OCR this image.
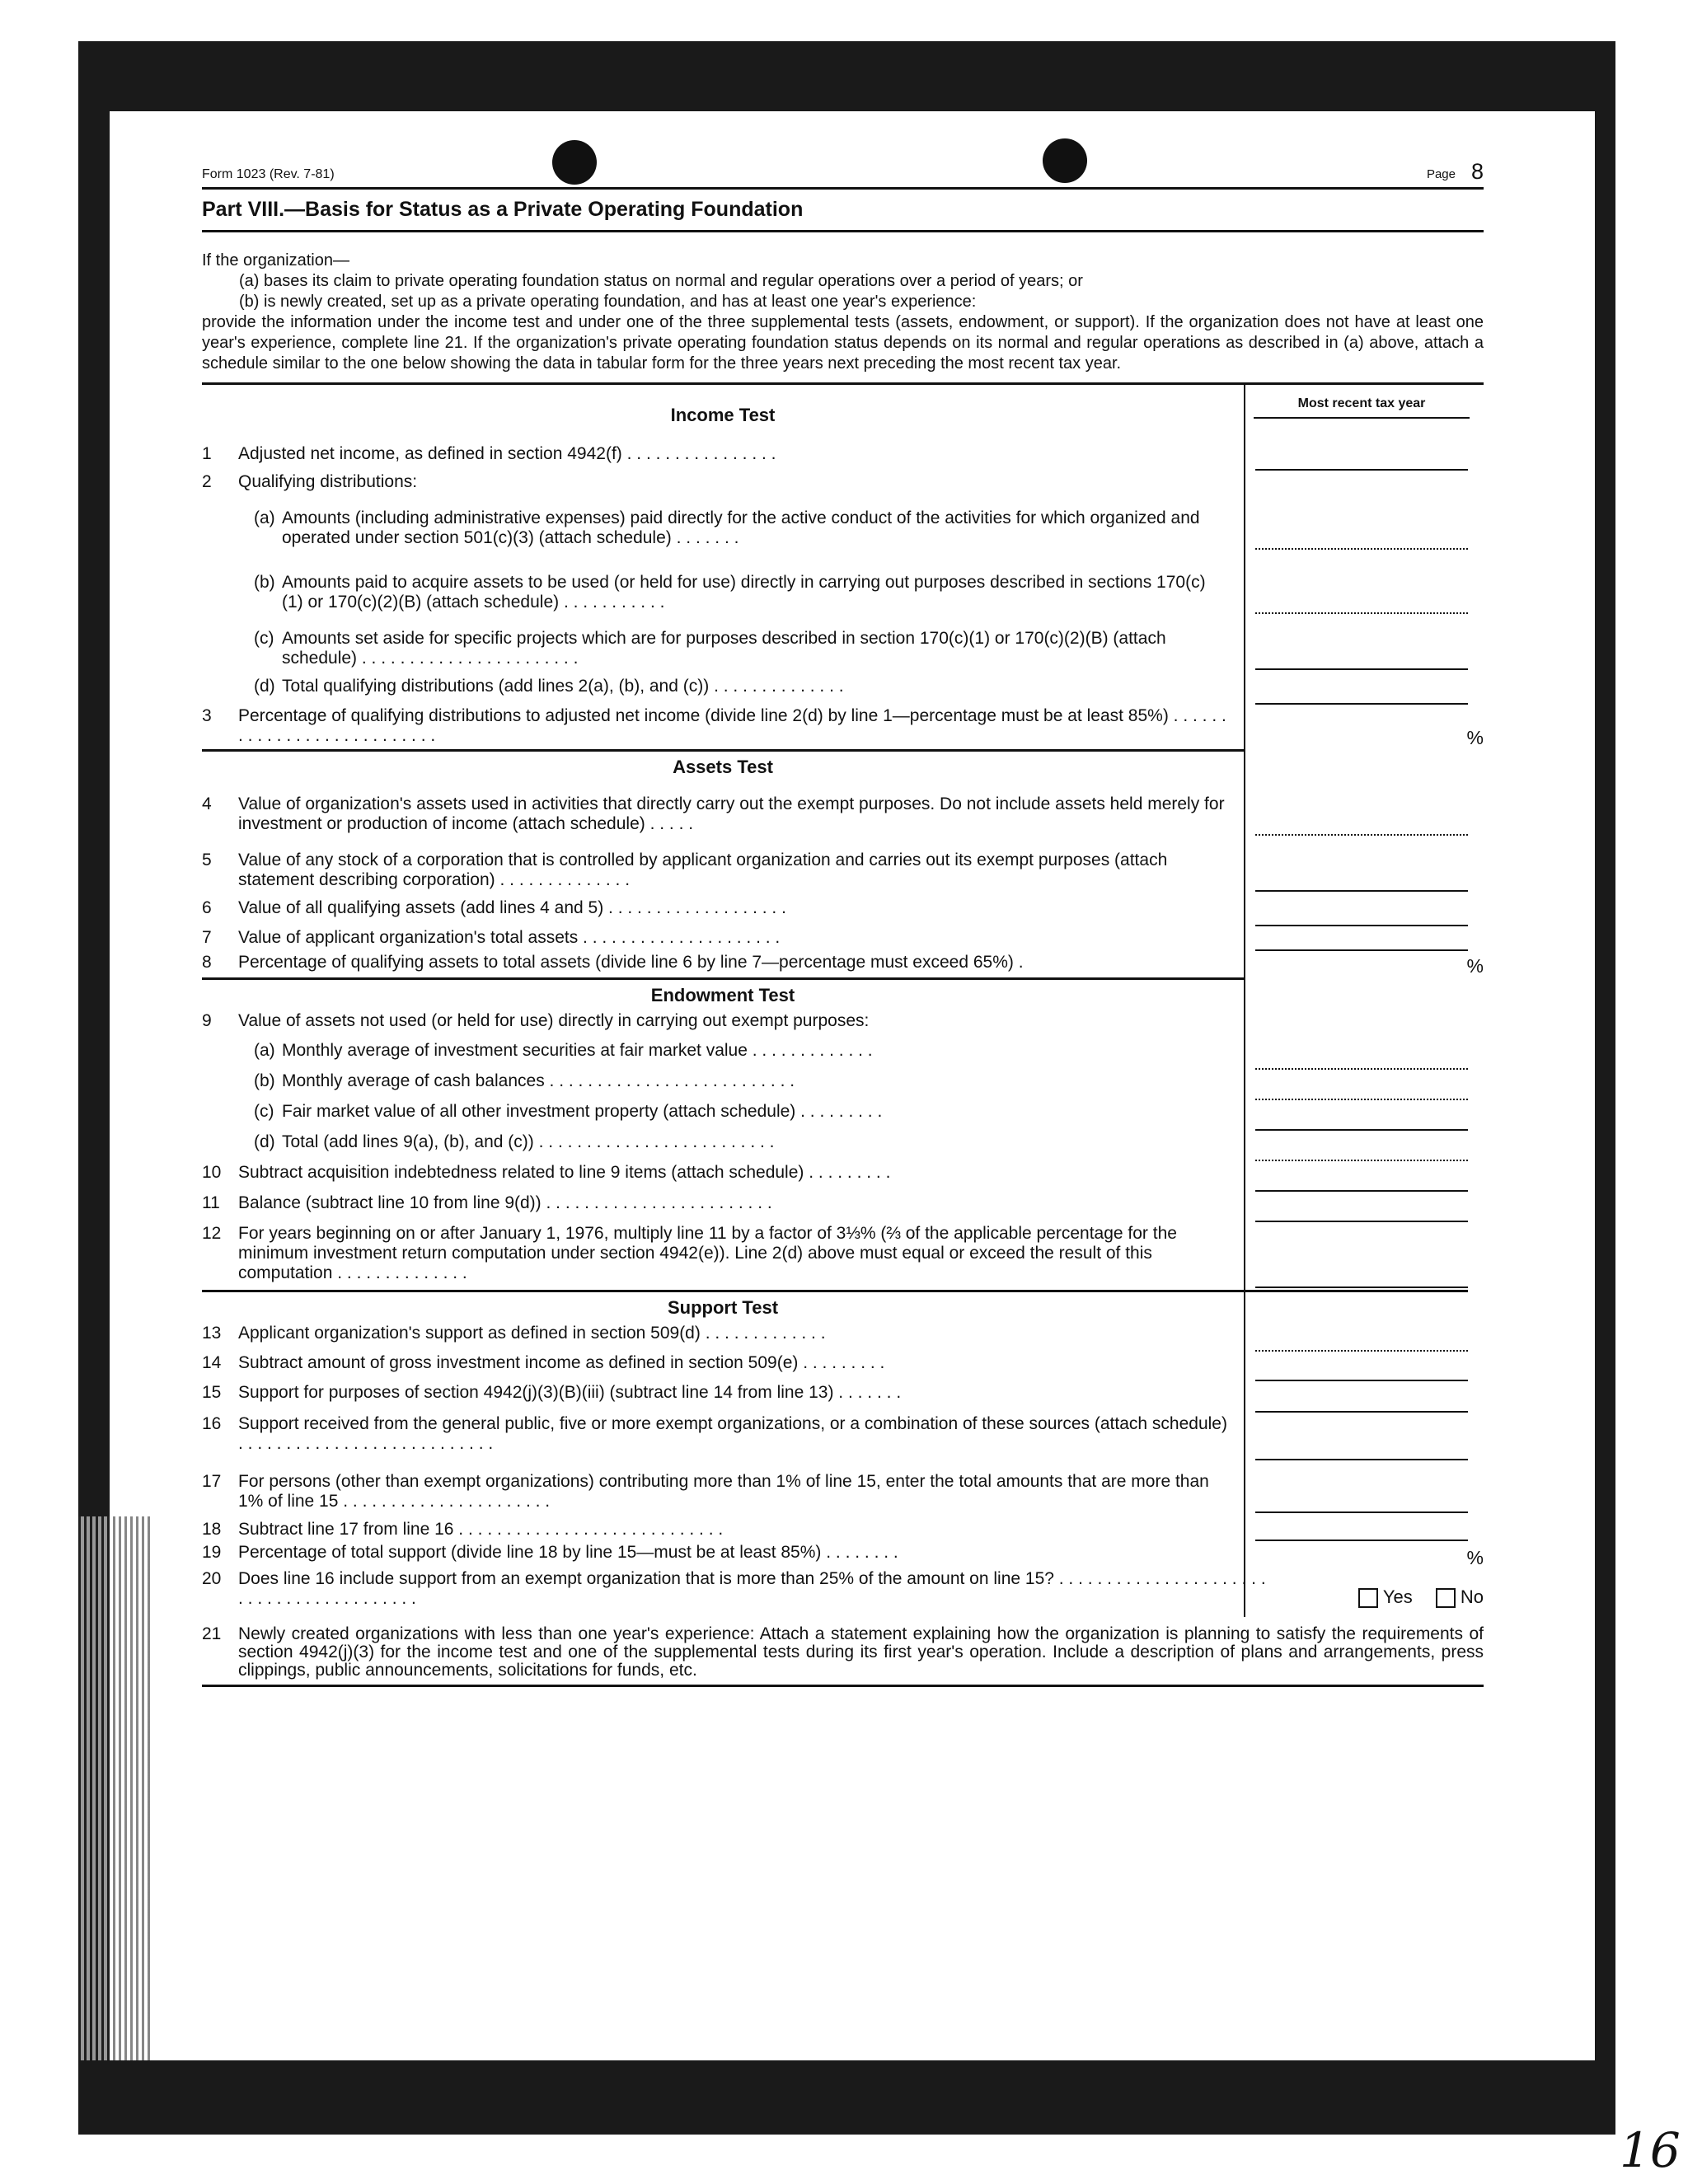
Form 1023 (Rev. 7-81)	Page 8
Part VIII.—Basis for Status as a Private Operating Foundation
If the organization—
(a) bases its claim to private operating foundation status on normal and regular operations over a period of years; or
(b) is newly created, set up as a private operating foundation, and has at least one year's experience:
provide the information under the income test and under one of the three supplemental tests (assets, endowment, or support). If the organization does not have at least one year's experience, complete line 21. If the organization's private operating foundation status depends on its normal and regular operations as described in (a) above, attach a schedule similar to the one below showing the data in tabular form for the three years next preceding the most recent tax year.
Most recent tax year
Income Test
1 Adjusted net income, as defined in section 4942(f) . . . . . . . . . . . . . . . .
2 Qualifying distributions:
(a) Amounts (including administrative expenses) paid directly for the active conduct of the activities for which organized and operated under section 501(c)(3) (attach schedule) . . . . . . .
(b) Amounts paid to acquire assets to be used (or held for use) directly in carrying out purposes described in sections 170(c)(1) or 170(c)(2)(B) (attach schedule) . . . . . . . . . . .
(c) Amounts set aside for specific projects which are for purposes described in section 170(c)(1) or 170(c)(2)(B) (attach schedule) . . . . . . . . . . . . . . . . . . . . . . .
(d) Total qualifying distributions (add lines 2(a), (b), and (c)) . . . . . . . . . . . . . .
3 Percentage of qualifying distributions to adjusted net income (divide line 2(d) by line 1—percentage must be at least 85%) . . . . . . . . . . . . . . . . . . . . . . . . . . .	%
Assets Test
4 Value of organization's assets used in activities that directly carry out the exempt purposes. Do not include assets held merely for investment or production of income (attach schedule) . . . . .
5 Value of any stock of a corporation that is controlled by applicant organization and carries out its exempt purposes (attach statement describing corporation) . . . . . . . . . . . . . .
6 Value of all qualifying assets (add lines 4 and 5) . . . . . . . . . . . . . . . . . . .
7 Value of applicant organization's total assets . . . . . . . . . . . . . . . . . . . . .
8 Percentage of qualifying assets to total assets (divide line 6 by line 7—percentage must exceed 65%) .	%
Endowment Test
9 Value of assets not used (or held for use) directly in carrying out exempt purposes:
(a) Monthly average of investment securities at fair market value . . . . . . . . . . . . .
(b) Monthly average of cash balances . . . . . . . . . . . . . . . . . . . . . . . . . .
(c) Fair market value of all other investment property (attach schedule) . . . . . . . . .
(d) Total (add lines 9(a), (b), and (c)) . . . . . . . . . . . . . . . . . . . . . . . . .
10 Subtract acquisition indebtedness related to line 9 items (attach schedule) . . . . . . . . .
11 Balance (subtract line 10 from line 9(d)) . . . . . . . . . . . . . . . . . . . . . . . .
12 For years beginning on or after January 1, 1976, multiply line 11 by a factor of 3⅓% (⅔ of the applicable percentage for the minimum investment return computation under section 4942(e)). Line 2(d) above must equal or exceed the result of this computation . . . . . . . . . . . . . .
Support Test
13 Applicant organization's support as defined in section 509(d) . . . . . . . . . . . . .
14 Subtract amount of gross investment income as defined in section 509(e) . . . . . . . . .
15 Support for purposes of section 4942(j)(3)(B)(iii) (subtract line 14 from line 13) . . . . . . .
16 Support received from the general public, five or more exempt organizations, or a combination of these sources (attach schedule) . . . . . . . . . . . . . . . . . . . . . . . . . . .
17 For persons (other than exempt organizations) contributing more than 1% of line 15, enter the total amounts that are more than 1% of line 15 . . . . . . . . . . . . . . . . . . . . . .
18 Subtract line 17 from line 16 . . . . . . . . . . . . . . . . . . . . . . . . . . . .
19 Percentage of total support (divide line 18 by line 15—must be at least 85%) . . . . . . . .	%
20 Does line 16 include support from an exempt organization that is more than 25% of the amount on line 15? . . . . . . . . . . . . . . . . . . . . . . . . . . . . . . . . . . . . . . . . .	Yes	No
21 Newly created organizations with less than one year's experience: Attach a statement explaining how the organization is planning to satisfy the requirements of section 4942(j)(3) for the income test and one of the supplemental tests during its first year's operation. Include a description of plans and arrangements, press clippings, public announcements, solicitations for funds, etc.
16
